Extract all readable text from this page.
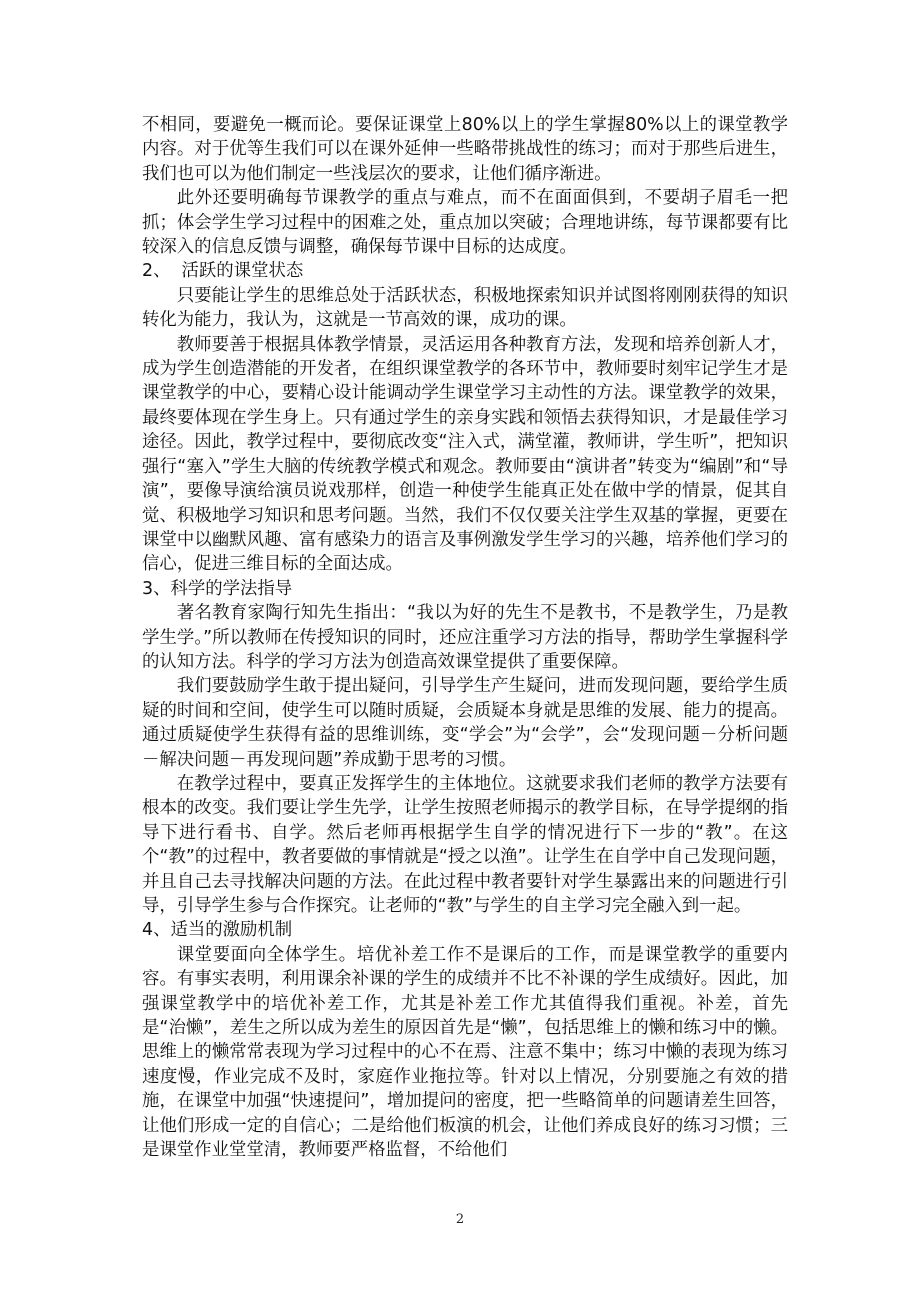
不相同，要避免一概而论。要保证课堂上80%以上的学生掌握80%以上的课堂教学内容。对于优等生我们可以在课外延伸一些略带挑战性的练习；而对于那些后进生，我们也可以为他们制定一些浅层次的要求，让他们循序渐进。

此外还要明确每节课教学的重点与难点，而不在面面俱到，不要胡子眉毛一把抓；体会学生学习过程中的困难之处，重点加以突破；合理地讲练，每节课都要有比较深入的信息反馈与调整，确保每节课中目标的达成度。

2、  活跃的课堂状态

只要能让学生的思维总处于活跃状态，积极地探索知识并试图将刚刚获得的知识转化为能力，我认为，这就是一节高效的课，成功的课。

教师要善于根据具体教学情景，灵活运用各种教育方法，发现和培养创新人才，成为学生创造潜能的开发者，在组织课堂教学的各环节中，教师要时刻牢记学生才是课堂教学的中心，要精心设计能调动学生课堂学习主动性的方法。课堂教学的效果，最终要体现在学生身上。只有通过学生的亲身实践和领悟去获得知识，才是最佳学习途径。因此，教学过程中，要彻底改变“注入式，满堂灌，教师讲，学生听”，把知识强行“塞入”学生大脑的传统教学模式和观念。教师要由“演讲者”转变为“编剧”和“导演”，要像导演给演员说戏那样，创造一种使学生能真正处在做中学的情景，促其自觉、积极地学习知识和思考问题。当然，我们不仅仅要关注学生双基的掌握，更要在课堂中以幽默风趣、富有感染力的语言及事例激发学生学习的兴趣，培养他们学习的信心，促进三维目标的全面达成。

3、科学的学法指导

著名教育家陶行知先生指出：“我以为好的先生不是教书，不是教学生，乃是教学生学。”所以教师在传授知识的同时，还应注重学习方法的指导，帮助学生掌握科学的认知方法。科学的学习方法为创造高效课堂提供了重要保障。

我们要鼓励学生敢于提出疑问，引导学生产生疑问，进而发现问题，要给学生质疑的时间和空间，使学生可以随时质疑，会质疑本身就是思维的发展、能力的提高。通过质疑使学生获得有益的思维训练，变“学会”为“会学”，会“发现问题－分析问题－解决问题－再发现问题”养成勤于思考的习惯。

在教学过程中，要真正发挥学生的主体地位。这就要求我们老师的教学方法要有根本的改变。我们要让学生先学，让学生按照老师揭示的教学目标，在导学提纲的指导下进行看书、自学。然后老师再根据学生自学的情况进行下一步的“教”。在这个“教”的过程中，教者要做的事情就是“授之以渔”。让学生在自学中自己发现问题，并且自己去寻找解决问题的方法。在此过程中教者要针对学生暴露出来的问题进行引导，引导学生参与合作探究。让老师的“教”与学生的自主学习完全融入到一起。

4、适当的激励机制

课堂要面向全体学生。培优补差工作不是课后的工作，而是课堂教学的重要内容。有事实表明，利用课余补课的学生的成绩并不比不补课的学生成绩好。因此，加强课堂教学中的培优补差工作，尤其是补差工作尤其值得我们重视。补差，首先是“治懒”，差生之所以成为差生的原因首先是“懒”，包括思维上的懒和练习中的懒。思维上的懒常常表现为学习过程中的心不在焉、注意不集中；练习中懒的表现为练习速度慢，作业完成不及时，家庭作业拖拉等。针对以上情况，分别要施之有效的措施，在课堂中加强“快速提问”，增加提问的密度，把一些略简单的问题请差生回答，让他们形成一定的自信心；二是给他们板演的机会，让他们养成良好的练习习惯；三是课堂作业堂堂清，教师要严格监督，不给他们

2
